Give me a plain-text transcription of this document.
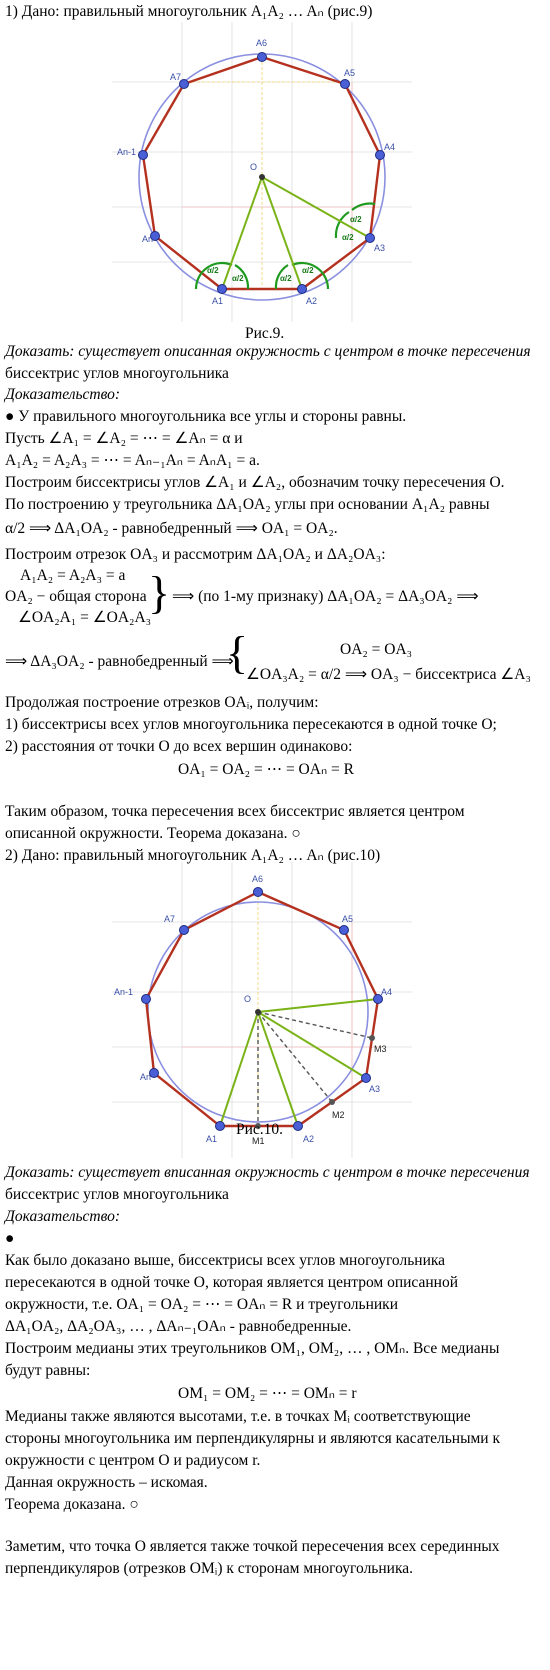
1) Дано: правильный многоугольник A₁A₂ … Aₙ (рис.9)
α/2
α/2	α/2
α/2
α/2
α/2
O
A1	A2
A3
A4
A5
A6
A7
An-1
An
Рис.9.
Доказать: существует описанная окружность с центром в точке пересечения
биссектрис углов многоугольника
Доказательство:
● У правильного многоугольника все углы и стороны равны.
Пусть ∠A₁ = ∠A₂ = ⋯ = ∠Aₙ = α и
A₁A₂ = A₂A₃ = ⋯ = Aₙ₋₁Aₙ = AₙA₁ = a.
Построим биссектрисы углов ∠A₁ и ∠A₂, обозначим точку пересечения O.
По построению у треугольника ΔA₁OA₂ углы при основании A₁A₂ равны
α/2 ⟹ ΔA₁OA₂ - равнобедренный ⟹ OA₁ = OA₂.
Построим отрезок OA₃ и рассмотрим ΔA₁OA₂ и ΔA₂OA₃:
A₁A₂ = A₂A₃ = a
OA₂ − общая сторона
∠OA₂A₁ = ∠OA₂A₃
} ⟹ (по 1-му признаку) ΔA₁OA₂ = ΔA₃OA₂ ⟹
⟹ ΔA₃OA₂ - равнобедренный ⟹
{	OA₂ = OA₃
∠OA₃A₂ = α/2 ⟹ OA₃ − биссектриса ∠A₃
Продолжая построение отрезков OAᵢ, получим:
1) биссектрисы всех углов многоугольника пересекаются в одной точке O;
2) расстояния от точки O до всех вершин одинаково:
OA₁ = OA₂ = ⋯ = OAₙ = R
Таким образом, точка пересечения всех биссектрис является центром
описанной окружности. Теорема доказана. ○
2) Дано: правильный многоугольник A₁A₂ … Aₙ (рис.10)
O
A1	A2
A3
A4
A5
A6
A7
An-1
An
M1
M2
M3
Рис.10.
Доказать: существует вписанная окружность с центром в точке пересечения
биссектрис углов многоугольника
Доказательство:
●
Как было доказано выше, биссектрисы всех углов многоугольника
пересекаются в одной точке O, которая является центром описанной
окружности, т.е. OA₁ = OA₂ = ⋯ = OAₙ = R и треугольники
ΔA₁OA₂, ΔA₂OA₃, … , ΔAₙ₋₁OAₙ - равнобедренные.
Построим медианы этих треугольников OM₁, OM₂, … , OMₙ. Все медианы
будут равны:
OM₁ = OM₂ = ⋯ = OMₙ = r
Медианы также являются высотами, т.е. в точках Mᵢ соответствующие
стороны многоугольника им перпендикулярны и являются касательными к
окружности с центром O и радиусом r.
Данная окружность – искомая.
Теорема доказана. ○
Заметим, что точка O является также точкой пересечения всех серединных
перпендикуляров (отрезков OMᵢ) к сторонам многоугольника.
